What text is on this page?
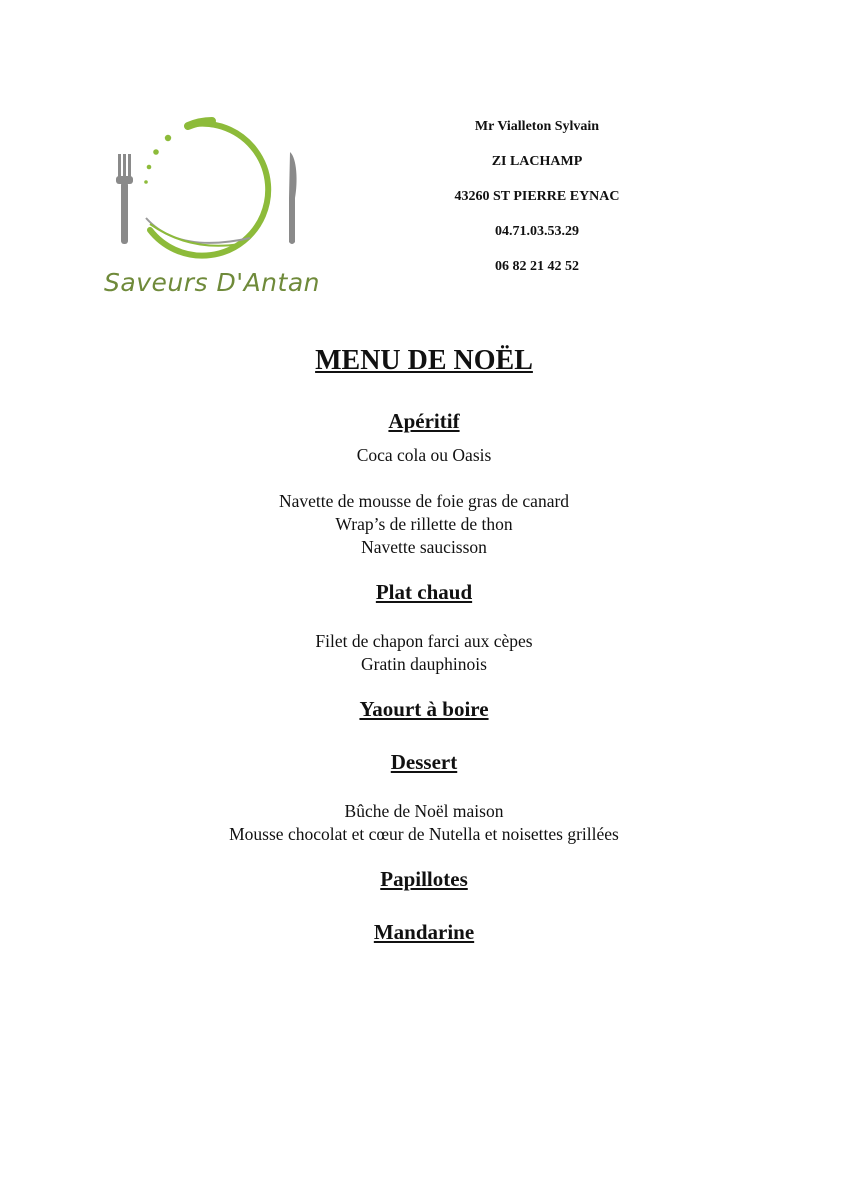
Saveurs D'Antan
Mr Vialleton Sylvain
ZI LACHAMP
43260 ST PIERRE EYNAC
04.71.03.53.29
06 82 21 42 52
MENU DE NOËL
Apéritif
Coca cola ou Oasis
Navette de mousse de foie gras de canard
Wrap’s de rillette de thon
Navette saucisson
Plat chaud
Filet de chapon farci aux cèpes
Gratin dauphinois
Yaourt à boire
Dessert
Bûche de Noël maison
Mousse chocolat et cœur de Nutella et noisettes grillées
Papillotes
Mandarine
